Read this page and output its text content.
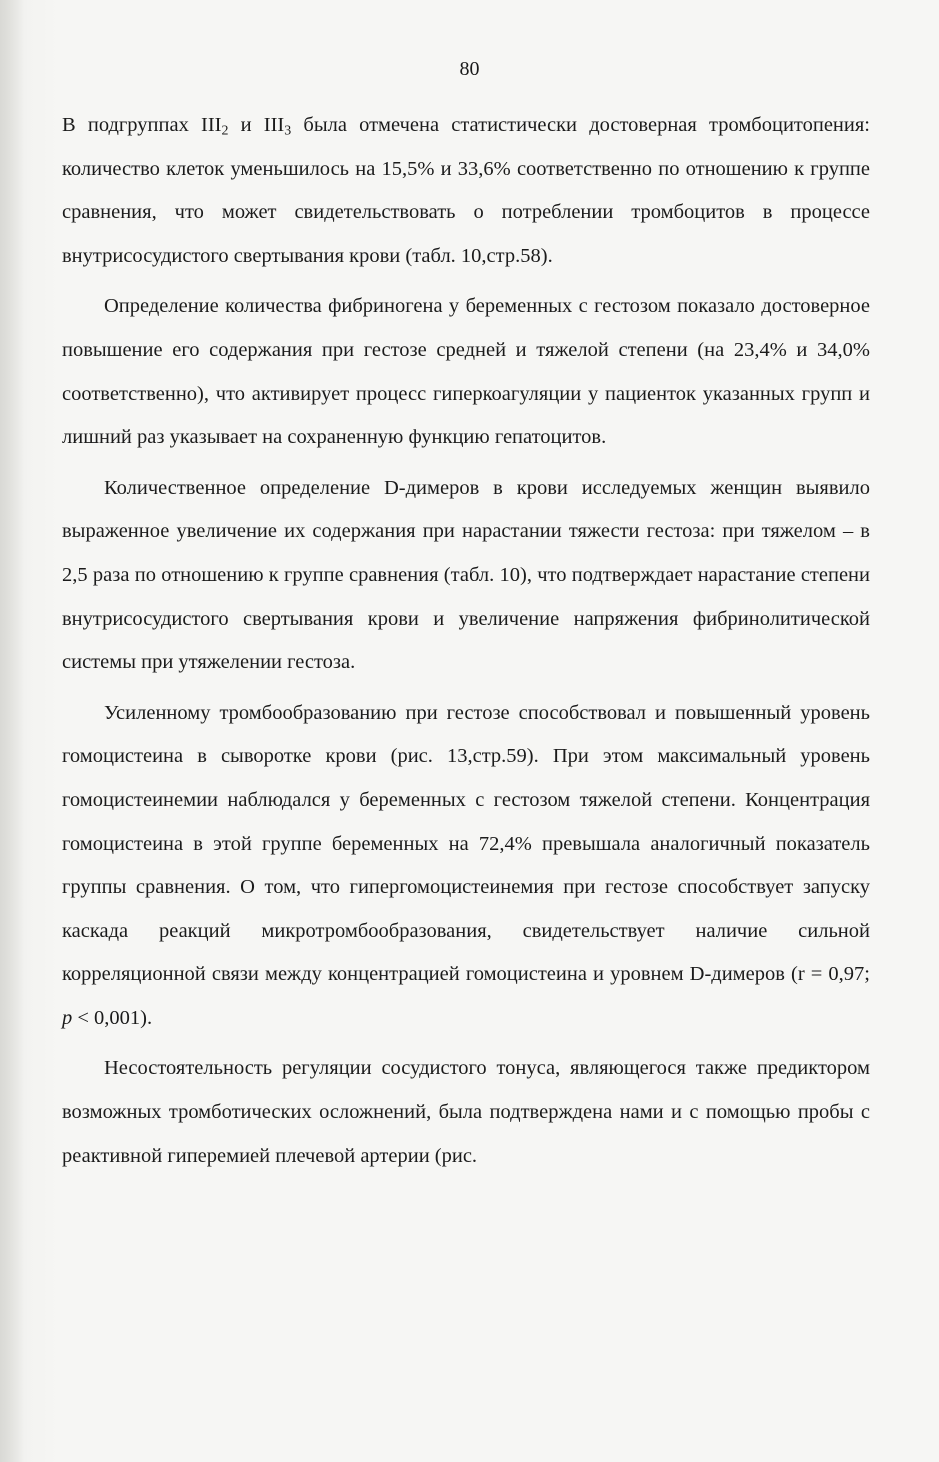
80

В подгруппах $III_2$ и $III_3$ была отмечена статистически достоверная тромбоцитопения: количество клеток уменьшилось на 15,5% и 33,6% соответственно по отношению к группе сравнения, что может свидетельствовать о потреблении тромбоцитов в процессе внутрисосудистого свертывания крови (табл. 10,стр.58).

Определение количества фибриногена у беременных с гестозом показало достоверное повышение его содержания при гестозе средней и тяжелой степени (на 23,4% и 34,0% соответственно), что активирует процесс гиперкоагуляции у пациенток указанных групп и лишний раз указывает на сохраненную функцию гепатоцитов.

Количественное определение D-димеров в крови исследуемых женщин выявило выраженное увеличение их содержания при нарастании тяжести гестоза: при тяжелом – в 2,5 раза по отношению к группе сравнения (табл. 10), что подтверждает нарастание степени внутрисосудистого свертывания крови и увеличение напряжения фибринолитической системы при утяжелении гестоза.

Усиленному тромбообразованию при гестозе способствовал и повышенный уровень гомоцистеина в сыворотке крови (рис. 13,стр.59). При этом максимальный уровень гомоцистеинемии наблюдался у беременных с гестозом тяжелой степени. Концентрация гомоцистеина в этой группе беременных на 72,4% превышала аналогичный показатель группы сравнения. О том, что гипергомоцистеинемия при гестозе способствует запуску каскада реакций микротромбообразования, свидетельствует наличие сильной корреляционной связи между концентрацией гомоцистеина и уровнем D-димеров (r = 0,97; p < 0,001).

Несостоятельность регуляции сосудистого тонуса, являющегося также предиктором возможных тромботических осложнений, была подтверждена нами и с помощью пробы с реактивной гиперемией плечевой артерии (рис.
